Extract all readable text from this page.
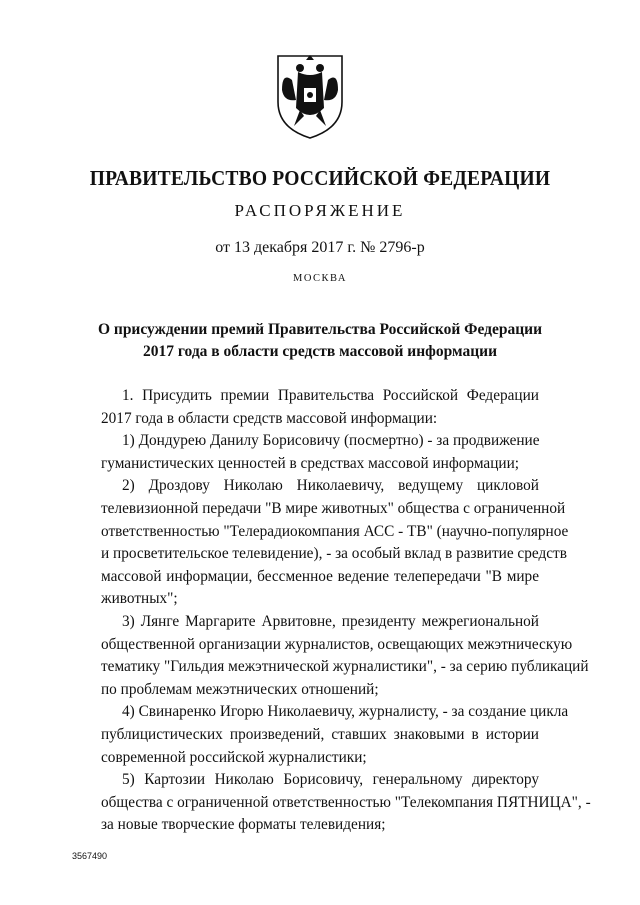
ПРАВИТЕЛЬСТВО РОССИЙСКОЙ ФЕДЕРАЦИИ
РАСПОРЯЖЕНИЕ
от 13 декабря 2017 г. № 2796-р
МОСКВА
О присуждении премий Правительства Российской Федерации
2017 года в области средств массовой информации
1. Присудить премии Правительства Российской Федерации
2017 года в области средств массовой информации:
1) Дондурею Данилу Борисовичу (посмертно) - за продвижение
гуманистических ценностей в средствах массовой информации;
2) Дроздову Николаю Николаевичу, ведущему цикловой
телевизионной передачи "В мире животных" общества с ограниченной
ответственностью "Телерадиокомпания АСС - ТВ" (научно-популярное
и просветительское телевидение), - за особый вклад в развитие средств
массовой информации, бессменное ведение телепередачи "В мире
животных";
3) Лянге Маргарите Арвитовне, президенту межрегиональной
общественной организации журналистов, освещающих межэтническую
тематику "Гильдия межэтнической журналистики", - за серию публикаций
по проблемам межэтнических отношений;
4) Свинаренко Игорю Николаевичу, журналисту, - за создание цикла
публицистических произведений, ставших знаковыми в истории
современной российской журналистики;
5) Картозии Николаю Борисовичу, генеральному директору
общества с ограниченной ответственностью "Телекомпания ПЯТНИЦА", -
за новые творческие форматы телевидения;
3567490
